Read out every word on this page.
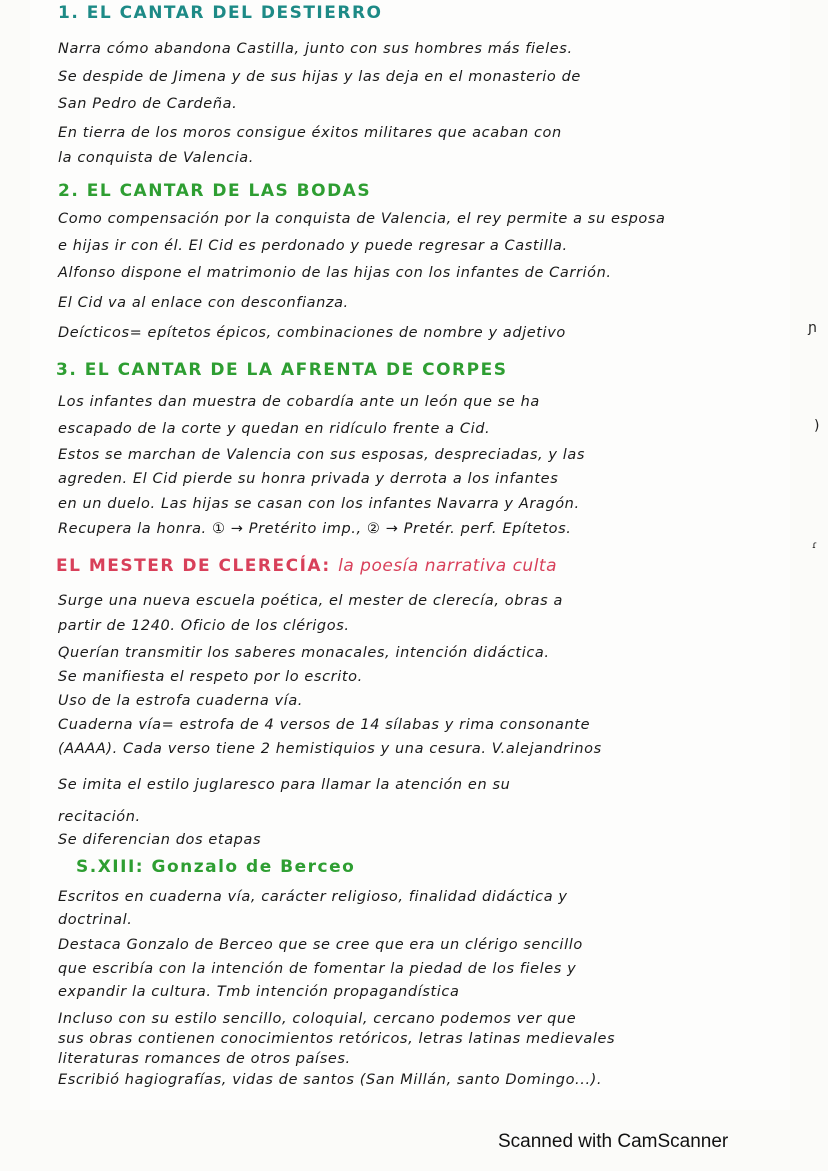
1. EL CANTAR DEL DESTIERRO
Narra cómo abandona Castilla, junto con sus hombres más fieles.
Se despide de Jimena y de sus hijas y las deja en el monasterio de
San Pedro de Cardeña.
En tierra de los moros consigue éxitos militares que acaban con
la conquista de Valencia.
2. EL CANTAR DE LAS BODAS
Como compensación por la conquista de Valencia, el rey permite a su esposa
e hijas ir con él. El Cid es perdonado y puede regresar a Castilla.
Alfonso dispone el matrimonio de las hijas con los infantes de Carrión.
El Cid va al enlace con desconfianza.
Deícticos= epítetos épicos, combinaciones de nombre y adjetivo
3. EL CANTAR DE LA AFRENTA DE CORPES
Los infantes dan muestra de cobardía ante un león que se ha
escapado de la corte y quedan en ridículo frente a Cid.
Estos se marchan de Valencia con sus esposas, despreciadas, y las
agreden. El Cid pierde su honra privada y derrota a los infantes
en un duelo. Las hijas se casan con los infantes Navarra y Aragón.
Recupera la honra. ① → Pretérito imp., ② → Pretér. perf. Epítetos.
EL MESTER DE CLERECÍA: la poesía narrativa culta
Surge una nueva escuela poética, el mester de clerecía, obras a
partir de 1240. Oficio de los clérigos.
Querían transmitir los saberes monacales, intención didáctica.
Se manifiesta el respeto por lo escrito.
Uso de la estrofa cuaderna vía.
Cuaderna vía= estrofa de 4 versos de 14 sílabas y rima consonante
(AAAA). Cada verso tiene 2 hemistiquios y una cesura. V.alejandrinos
Se imita el estilo juglaresco para llamar la atención en su
recitación.
Se diferencian dos etapas
S.XIII: Gonzalo de Berceo
Escritos en cuaderna vía, carácter religioso, finalidad didáctica y
doctrinal.
Destaca Gonzalo de Berceo que se cree que era un clérigo sencillo
que escribía con la intención de fomentar la piedad de los fieles y
expandir la cultura. Tmb intención propagandística
Incluso con su estilo sencillo, coloquial, cercano podemos ver que
sus obras contienen conocimientos retóricos, letras latinas medievales
literaturas romances de otros países.
Escribió hagiografías, vidas de santos (San Millán, santo Domingo...).
ɲ
)
ɾ
Scanned with CamScanner
